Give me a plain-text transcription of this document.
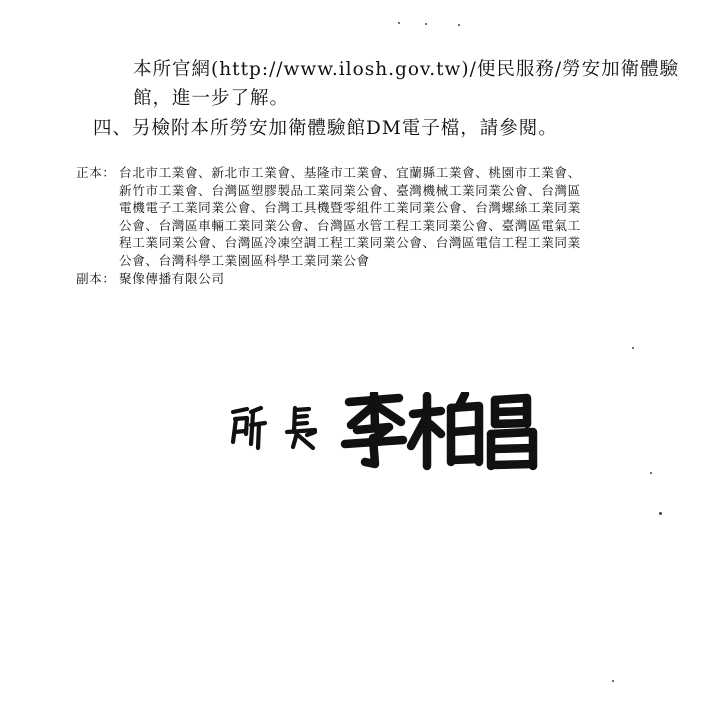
本所官網(http://www.ilosh.gov.tw)/便民服務/勞安加衛體驗
館，進一步了解。
四、另檢附本所勞安加衛體驗館DM電子檔，請參閱。
正本： 台北市工業會、新北市工業會、基隆市工業會、宜蘭縣工業會、桃園市工業會、
新竹市工業會、台灣區塑膠製品工業同業公會、臺灣機械工業同業公會、台灣區
電機電子工業同業公會、台灣工具機暨零組件工業同業公會、台灣螺絲工業同業
公會、台灣區車輛工業同業公會、台灣區水管工程工業同業公會、臺灣區電氣工
程工業同業公會、台灣區冷凍空調工程工業同業公會、台灣區電信工程工業同業
公會、台灣科學工業園區科學工業同業公會
副本： 聚像傳播有限公司
